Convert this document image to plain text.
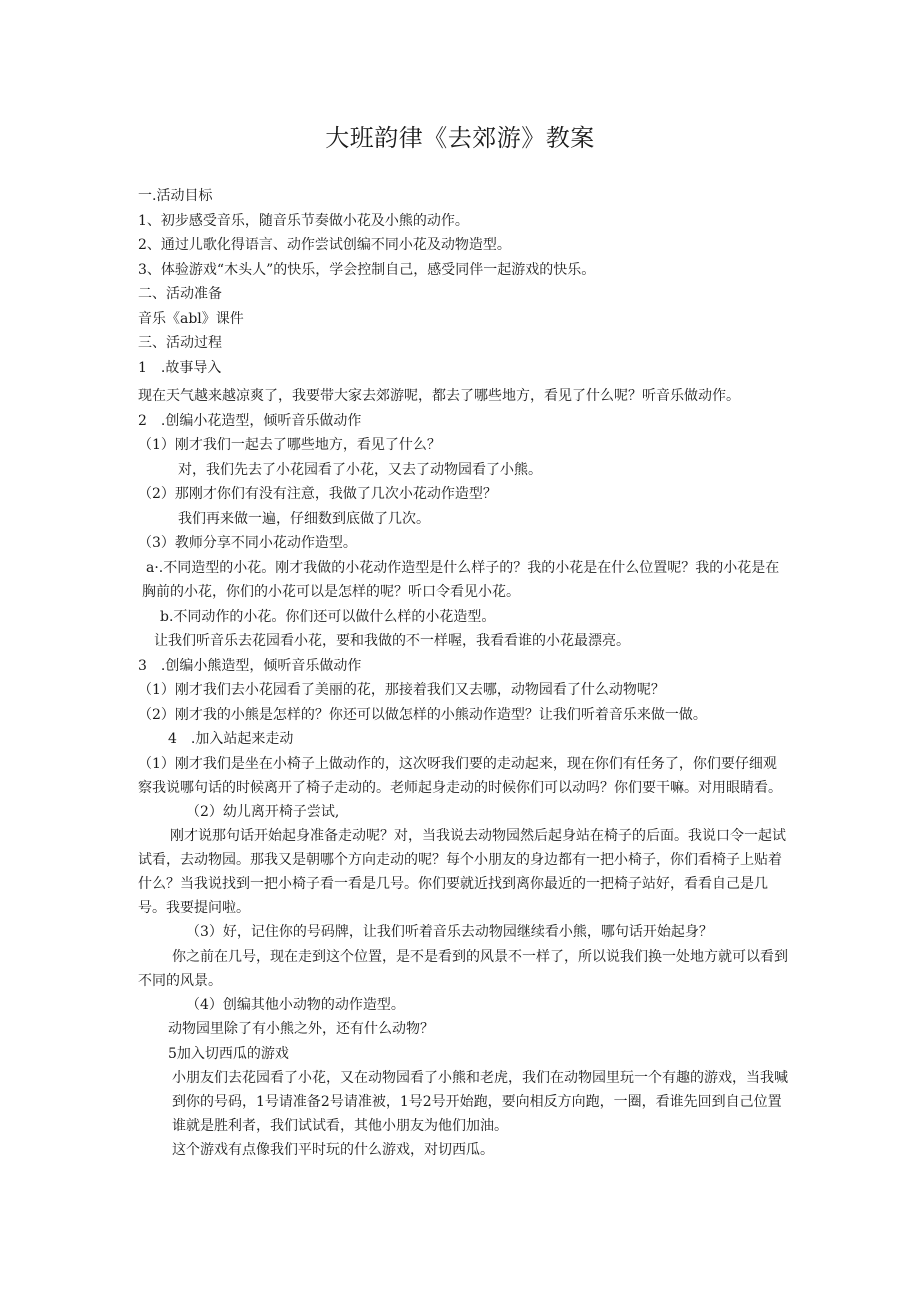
大班韵律《去郊游》教案

一.活动目标

1、初步感受音乐，随音乐节奏做小花及小熊的动作。

2、通过儿歌化得语言、动作尝试创编不同小花及动物造型。

3、体验游戏“木头人”的快乐，学会控制自己，感受同伴一起游戏的快乐。

二、活动准备

音乐《abl》课件

三、活动过程

1　.故事导入

现在天气越来越凉爽了，我要带大家去郊游呢，都去了哪些地方，看见了什么呢？听音乐做动作。

2　.创编小花造型，倾听音乐做动作

（1）刚才我们一起去了哪些地方，看见了什么？

对，我们先去了小花园看了小花，又去了动物园看了小熊。

（2）那刚才你们有没有注意，我做了几次小花动作造型？

我们再来做一遍，仔细数到底做了几次。

（3）教师分享不同小花动作造型。

a·.不同造型的小花。刚才我做的小花动作造型是什么样子的？我的小花是在什么位置呢？我的小花是在胸前的小花，你们的小花可以是怎样的呢？听口令看见小花。

b.不同动作的小花。你们还可以做什么样的小花造型。

让我们听音乐去花园看小花，要和我做的不一样喔，我看看谁的小花最漂亮。

3　.创编小熊造型，倾听音乐做动作

（1）刚才我们去小花园看了美丽的花，那接着我们又去哪，动物园看了什么动物呢？

（2）刚才我的小熊是怎样的？你还可以做怎样的小熊动作造型？让我们听着音乐来做一做。

4　.加入站起来走动

（1）刚才我们是坐在小椅子上做动作的，这次呀我们要的走动起来，现在你们有任务了，你们要仔细观察我说哪句话的时候离开了椅子走动的。老师起身走动的时候你们可以动吗？你们要干嘛。对用眼睛看。

（2）幼儿离开椅子尝试,

刚才说那句话开始起身准备走动呢？对，当我说去动物园然后起身站在椅子的后面。我说口令一起试试看，去动物园。那我又是朝哪个方向走动的呢？每个小朋友的身边都有一把小椅子，你们看椅子上贴着什么？当我说找到一把小椅子看一看是几号。你们要就近找到离你最近的一把椅子站好，看看自己是几号。我要提问啦。

（3）好，记住你的号码牌，让我们听着音乐去动物园继续看小熊，哪句话开始起身？

你之前在几号，现在走到这个位置，是不是看到的风景不一样了，所以说我们换一处地方就可以看到不同的风景。

（4）创编其他小动物的动作造型。

动物园里除了有小熊之外，还有什么动物？

5加入切西瓜的游戏

小朋友们去花园看了小花，又在动物园看了小熊和老虎，我们在动物园里玩一个有趣的游戏，当我喊到你的号码，1号请准备2号请准被，1号2号开始跑，要向相反方向跑，一圈，看谁先回到自己位置谁就是胜利者，我们试试看，其他小朋友为他们加油。

这个游戏有点像我们平时玩的什么游戏，对切西瓜。
